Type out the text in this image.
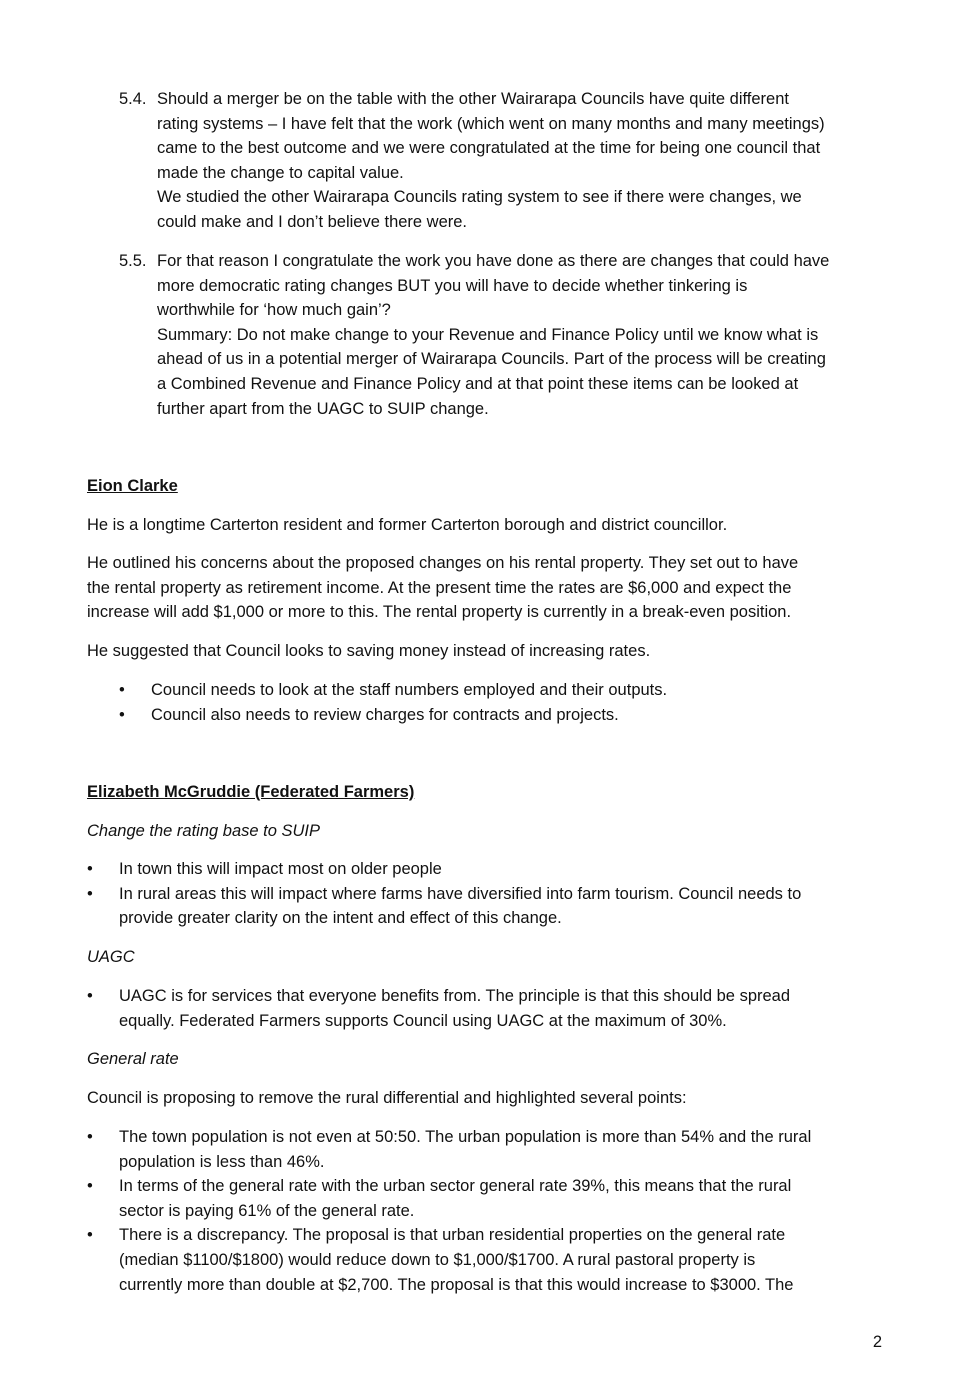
5.4. Should a merger be on the table with the other Wairarapa Councils have quite different
rating systems – I have felt that the work (which went on many months and many meetings)
came to the best outcome and we were congratulated at the time for being one council that
made the change to capital value.
We studied the other Wairarapa Councils rating system to see if there were changes, we
could make and I don’t believe there were.
5.5. For that reason I congratulate the work you have done as there are changes that could have
more democratic rating changes BUT you will have to decide whether tinkering is
worthwhile for ‘how much gain’?
Summary: Do not make change to your Revenue and Finance Policy until we know what is
ahead of us in a potential merger of Wairarapa Councils. Part of the process will be creating
a Combined Revenue and Finance Policy and at that point these items can be looked at
further apart from the UAGC to SUIP change.
Eion Clarke
He is a longtime Carterton resident and former Carterton borough and district councillor.
He outlined his concerns about the proposed changes on his rental property. They set out to have
the rental property as retirement income. At the present time the rates are $6,000 and expect the
increase will add $1,000 or more to this. The rental property is currently in a break-even position.
He suggested that Council looks to saving money instead of increasing rates.
• Council needs to look at the staff numbers employed and their outputs.
• Council also needs to review charges for contracts and projects.
Elizabeth McGruddie (Federated Farmers)
Change the rating base to SUIP
• In town this will impact most on older people
• In rural areas this will impact where farms have diversified into farm tourism. Council needs to
provide greater clarity on the intent and effect of this change.
UAGC
• UAGC is for services that everyone benefits from. The principle is that this should be spread
equally. Federated Farmers supports Council using UAGC at the maximum of 30%.
General rate
Council is proposing to remove the rural differential and highlighted several points:
• The town population is not even at 50:50. The urban population is more than 54% and the rural
population is less than 46%.
• In terms of the general rate with the urban sector general rate 39%, this means that the rural
sector is paying 61% of the general rate.
• There is a discrepancy. The proposal is that urban residential properties on the general rate
(median $1100/$1800) would reduce down to $1,000/$1700. A rural pastoral property is
currently more than double at $2,700. The proposal is that this would increase to $3000. The
2
